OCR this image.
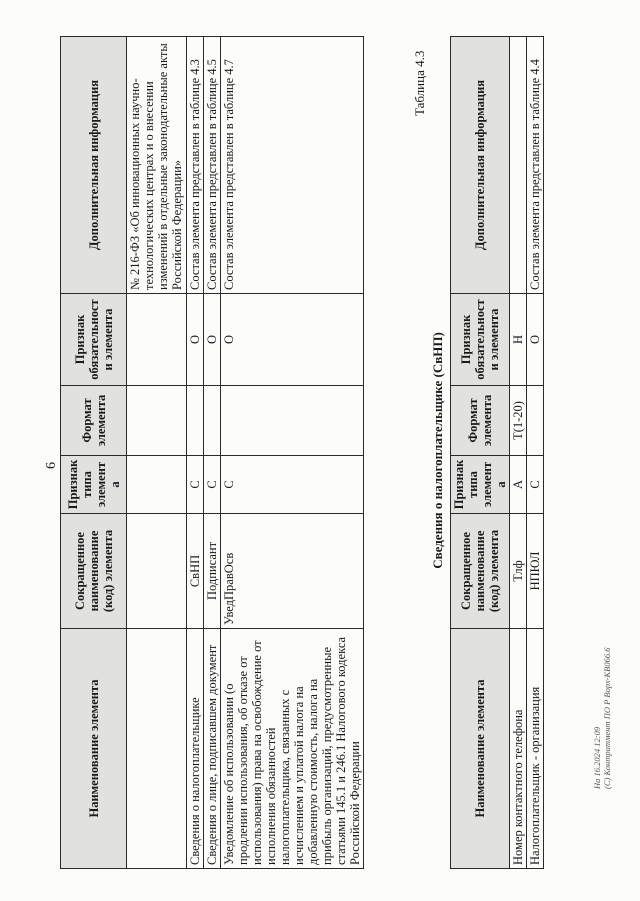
6
Наименование элемента	Сокращенное наименование (код) элемента	Признак типа элемента	Формат элемента	Признак обязательности элемента	Дополнительная информация
					№ 216-ФЗ «Об инновационных научно-технологических центрах и о внесении изменений в отдельные законодательные акты Российской Федерации»
Сведения о налогоплательщике	СвНП	С		О	Состав элемента представлен в таблице 4.3
Сведения о лице, подписавшем документ	Подписант	С		О	Состав элемента представлен в таблице 4.5
Уведомление об использовании (о продлении использования, об отказе от использования) права на освобождение от исполнения обязанностей налогоплательщика, связанных с исчислением и уплатой налога на добавленную стоимость, налога на прибыль организаций, предусмотренные статьями 145.1 и 246.1 Налогового кодекса Российской Федерации	УведПравОсв	С		О	Состав элемента представлен в таблице 4.7	Таблица 4.3
Сведения о налогоплательщике (СвНП)
Наименование элемента	Сокращенное наименование (код) элемента	Признак типа элемента	Формат элемента	Признак обязательности элемента	Дополнительная информация
Номер контактного телефона	Тлф	А	T(1-20)	Н	
Налогоплательщик - организация	НПЮЛ	С		О	Состав элемента представлен в таблице 4.4
На 16.2024 12:09 (С) Контратмент ПО Р Ворх-КВ066.6
